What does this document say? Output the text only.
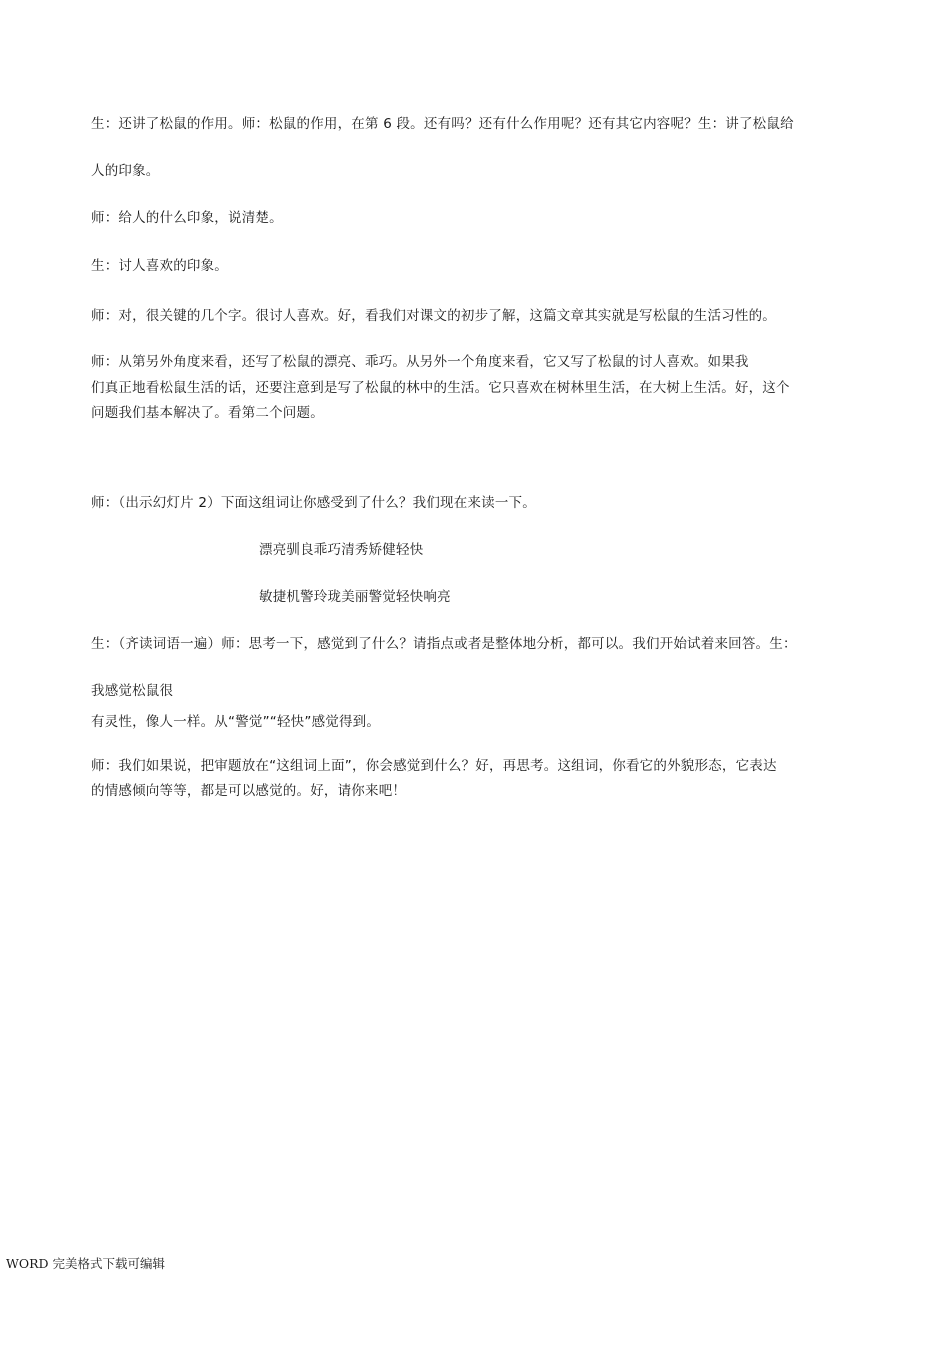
生：还讲了松鼠的作用。师：松鼠的作用，在第 6 段。还有吗？还有什么作用呢？还有其它内容呢？生：讲了松鼠给
人的印象。
师：给人的什么印象，说清楚。
生：讨人喜欢的印象。
师：对，很关键的几个字。很讨人喜欢。好，看我们对课文的初步了解，这篇文章其实就是写松鼠的生活习性的。
师：从第另外角度来看，还写了松鼠的漂亮、乖巧。从另外一个角度来看，它又写了松鼠的讨人喜欢。如果我
们真正地看松鼠生活的话，还要注意到是写了松鼠的林中的生活。它只喜欢在树林里生活，在大树上生活。好，这个
问题我们基本解决了。看第二个问题。
师：（出示幻灯片 2）下面这组词让你感受到了什么？我们现在来读一下。
漂亮驯良乖巧清秀矫健轻快
敏捷机警玲珑美丽警觉轻快响亮
生：（齐读词语一遍）师：思考一下，感觉到了什么？请指点或者是整体地分析，都可以。我们开始试着来回答。生：
我感觉松鼠很
有灵性，像人一样。从“警觉”“轻快”感觉得到。
师：我们如果说，把审题放在“这组词上面”，你会感觉到什么？好，再思考。这组词，你看它的外貌形态，它表达
的情感倾向等等，都是可以感觉的。好，请你来吧！
WORD 完美格式下载可编辑
